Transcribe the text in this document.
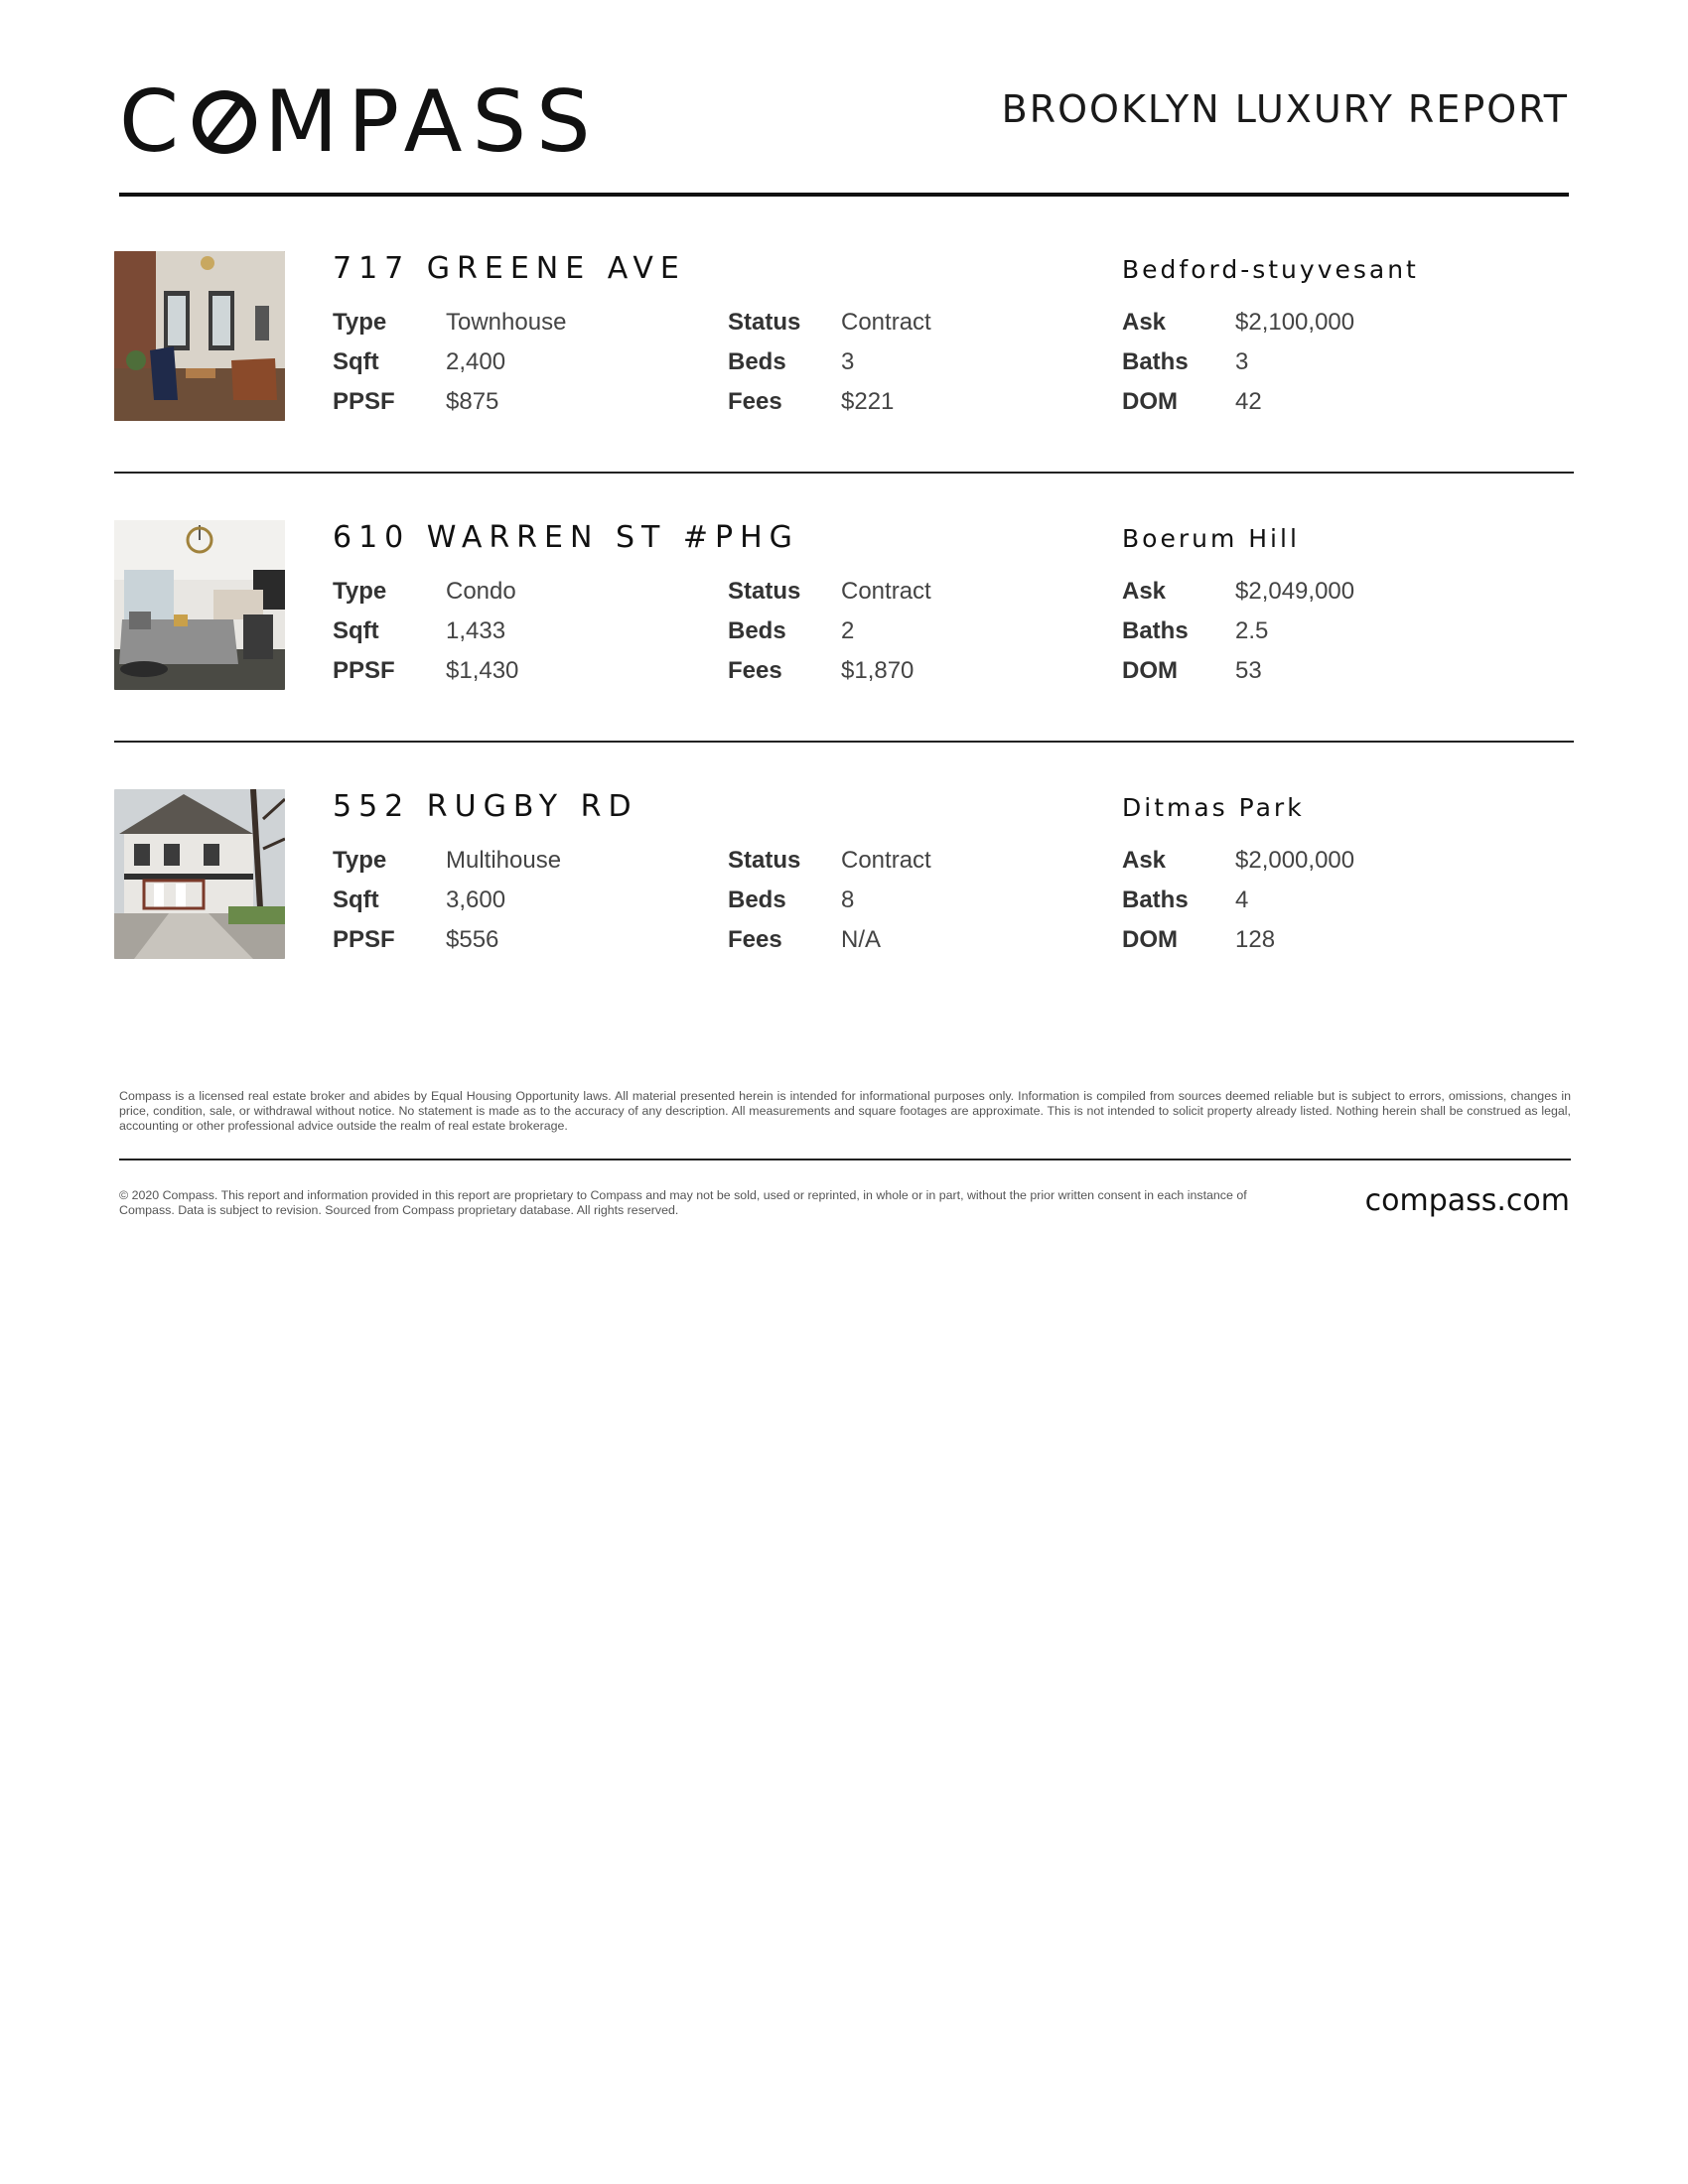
C MPASS	BROOKLYN LUXURY REPORT
717 GREENE AVE	Bedford-stuyvesant
Type	Townhouse
Sqft	2,400
PPSF	$875
Status	Contract
Beds	3
Fees	$221
Ask	$2,100,000
Baths	3
DOM	42
610 WARREN ST #PHG	Boerum Hill
Type	Condo
Sqft	1,433
PPSF	$1,430
Status	Contract
Beds	2
Fees	$1,870
Ask	$2,049,000
Baths	2.5
DOM	53
552 RUGBY RD	Ditmas Park
Type	Multihouse
Sqft	3,600
PPSF	$556
Status	Contract
Beds	8
Fees	N/A
Ask	$2,000,000
Baths	4
DOM	128
Compass is a licensed real estate broker and abides by Equal Housing Opportunity laws. All material presented herein is intended for informational purposes only. Information is compiled from sources deemed reliable but is subject to errors, omissions, changes in price, condition, sale, or withdrawal without notice. No statement is made as to the accuracy of any description. All measurements and square footages are approximate. This is not intended to solicit property already listed. Nothing herein shall be construed as legal, accounting or other professional advice outside the realm of real estate brokerage.
© 2020 Compass. This report and information provided in this report are proprietary to Compass and may not be sold, used or reprinted, in whole or in part, without the prior written consent in each instance of Compass. Data is subject to revision. Sourced from Compass proprietary database. All rights reserved.	compass.com
